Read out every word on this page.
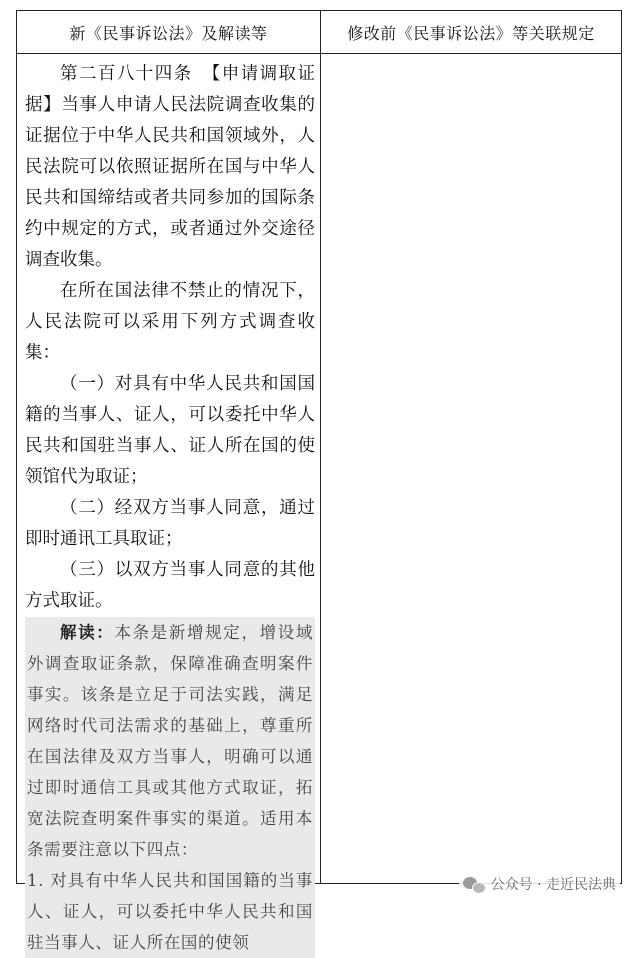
新《民事诉讼法》及解读等	修改前《民事诉讼法》等关联规定

第二百八十四条　【申请调取证据】当事人申请人民法院调查收集的证据位于中华人民共和国领域外，人民法院可以依照证据所在国与中华人民共和国缔结或者共同参加的国际条约中规定的方式，或者通过外交途径调查收集。

在所在国法律不禁止的情况下，人民法院可以采用下列方式调查收集：

（一）对具有中华人民共和国国籍的当事人、证人，可以委托中华人民共和国驻当事人、证人所在国的使领馆代为取证；

（二）经双方当事人同意，通过即时通讯工具取证；

（三）以双方当事人同意的其他方式取证。

解读：本条是新增规定，增设域外调查取证条款，保障准确查明案件事实。该条是立足于司法实践，满足网络时代司法需求的基础上，尊重所在国法律及双方当事人，明确可以通过即时通信工具或其他方式取证，拓宽法院查明案件事实的渠道。适用本条需要注意以下四点：

1. 对具有中华人民共和国国籍的当事人、证人，可以委托中华人民共和国驻当事人、证人所在国的使领

公众号 · 走近民法典
